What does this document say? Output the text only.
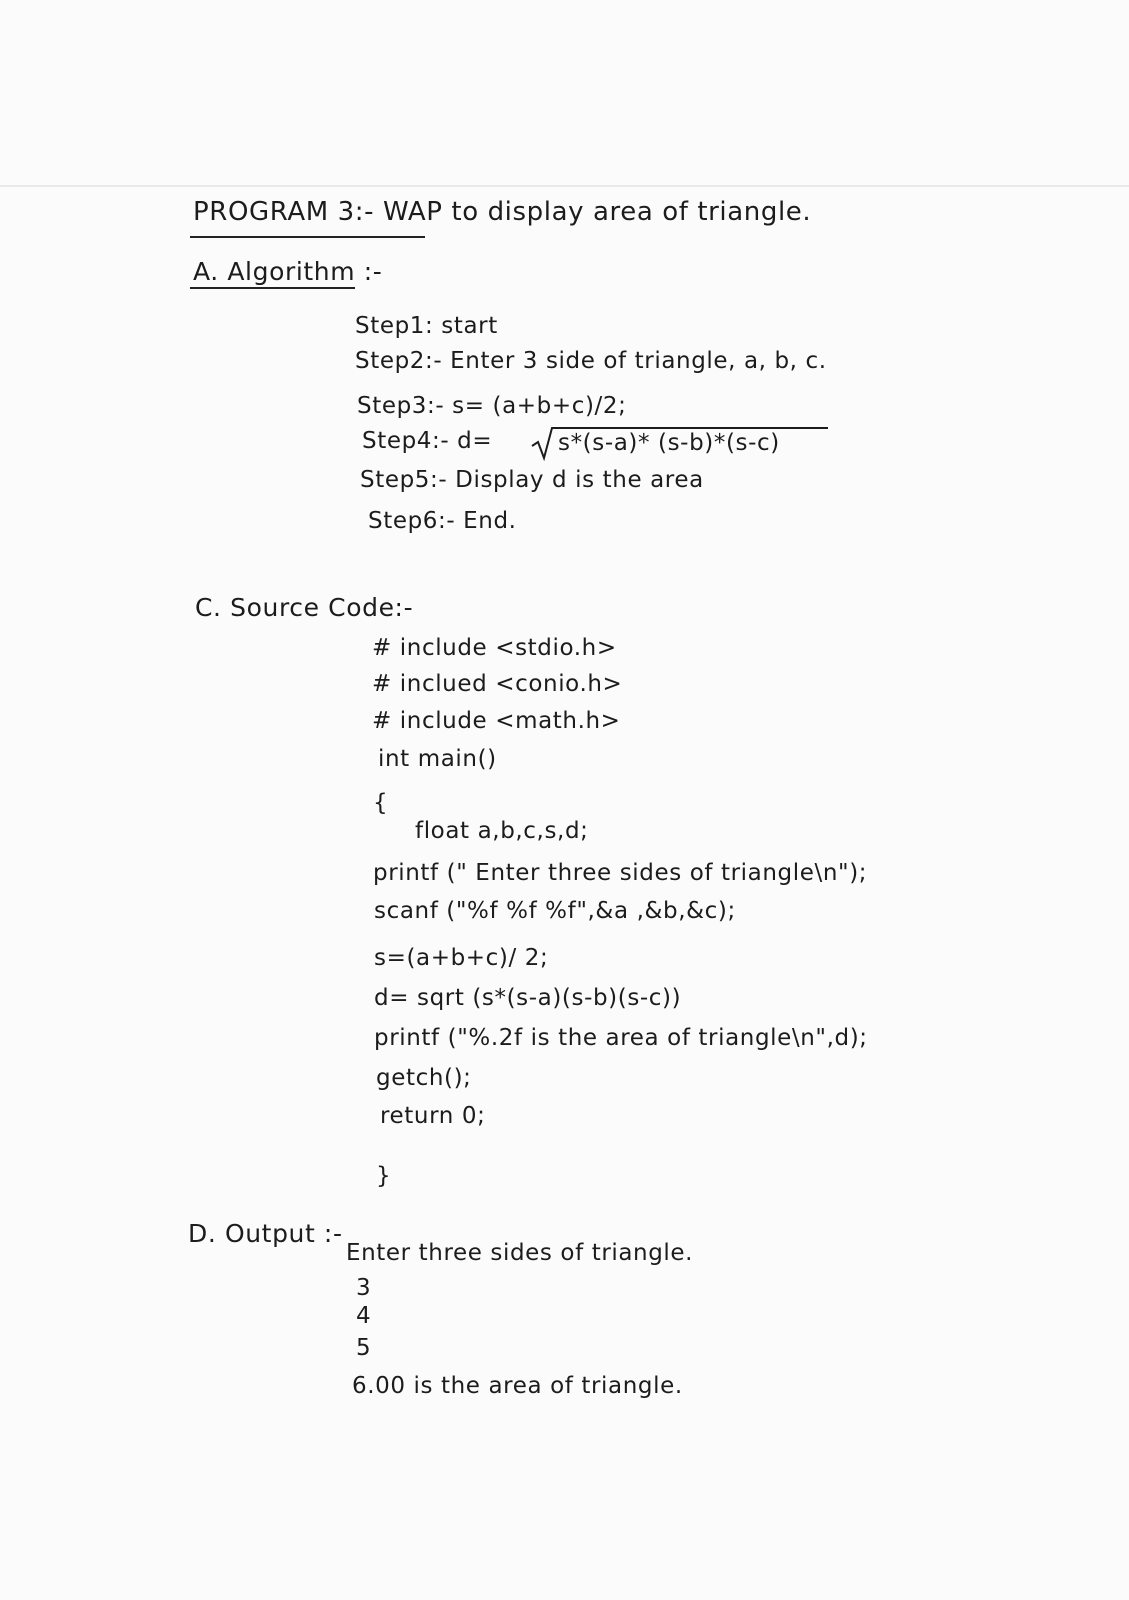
PROGRAM 3:- WAP to display area of triangle.
A. Algorithm :-
Step1: start
Step2:- Enter 3 side of triangle, a, b, c.
Step3:- s= (a+b+c)/2;
Step4:- d=	s*(s-a)* (s-b)*(s-c)
Step5:- Display d is the area
Step6:- End.
C. Source Code:-
# include <stdio.h>
# inclued <conio.h>
# include <math.h>
int main()
{
float a,b,c,s,d;
printf (" Enter three sides of triangle\n");
scanf ("%f %f %f",&a ,&b,&c);
s=(a+b+c)/ 2;
d= sqrt (s*(s-a)(s-b)(s-c))
printf ("%.2f is the area of triangle\n",d);
getch();
return 0;
}
D. Output :-
Enter three sides of triangle.
3
4
5
6.00 is the area of triangle.
